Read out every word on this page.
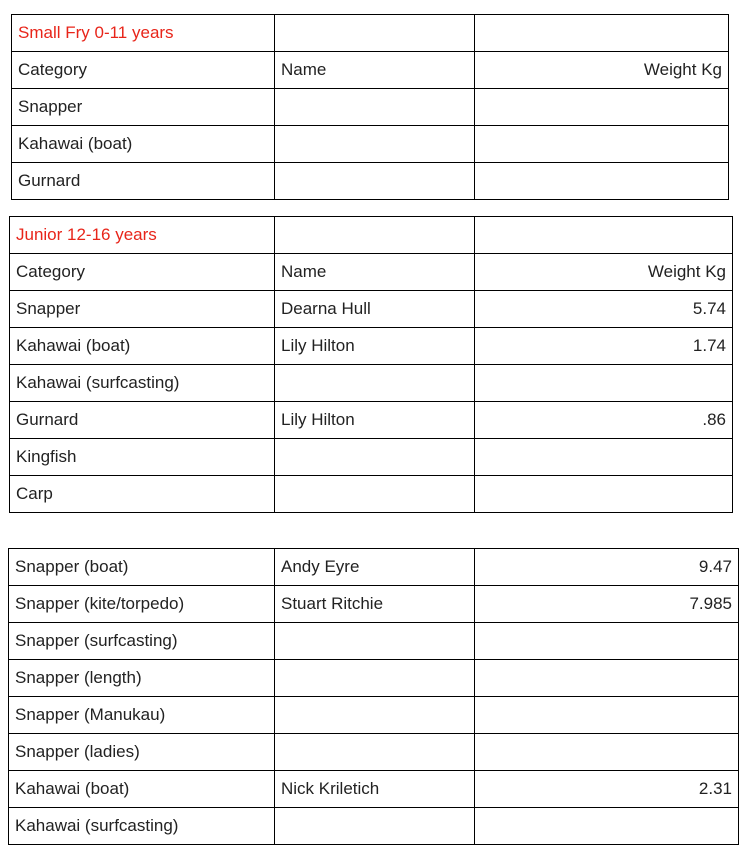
Small Fry 0-11 years		
Category	Name	Weight Kg
Snapper		
Kahawai (boat)		
Gurnard		
Junior 12-16 years		
Category	Name	Weight Kg
Snapper	Dearna Hull	5.74
Kahawai (boat)	Lily Hilton	1.74
Kahawai (surfcasting)		
Gurnard	Lily Hilton	.86
Kingfish		
Carp		
Snapper (boat)	Andy Eyre	9.47
Snapper (kite/torpedo)	Stuart Ritchie	7.985
Snapper (surfcasting)		
Snapper (length)		
Snapper (Manukau)		
Snapper (ladies)		
Kahawai (boat)	Nick Kriletich	2.31
Kahawai (surfcasting)		
